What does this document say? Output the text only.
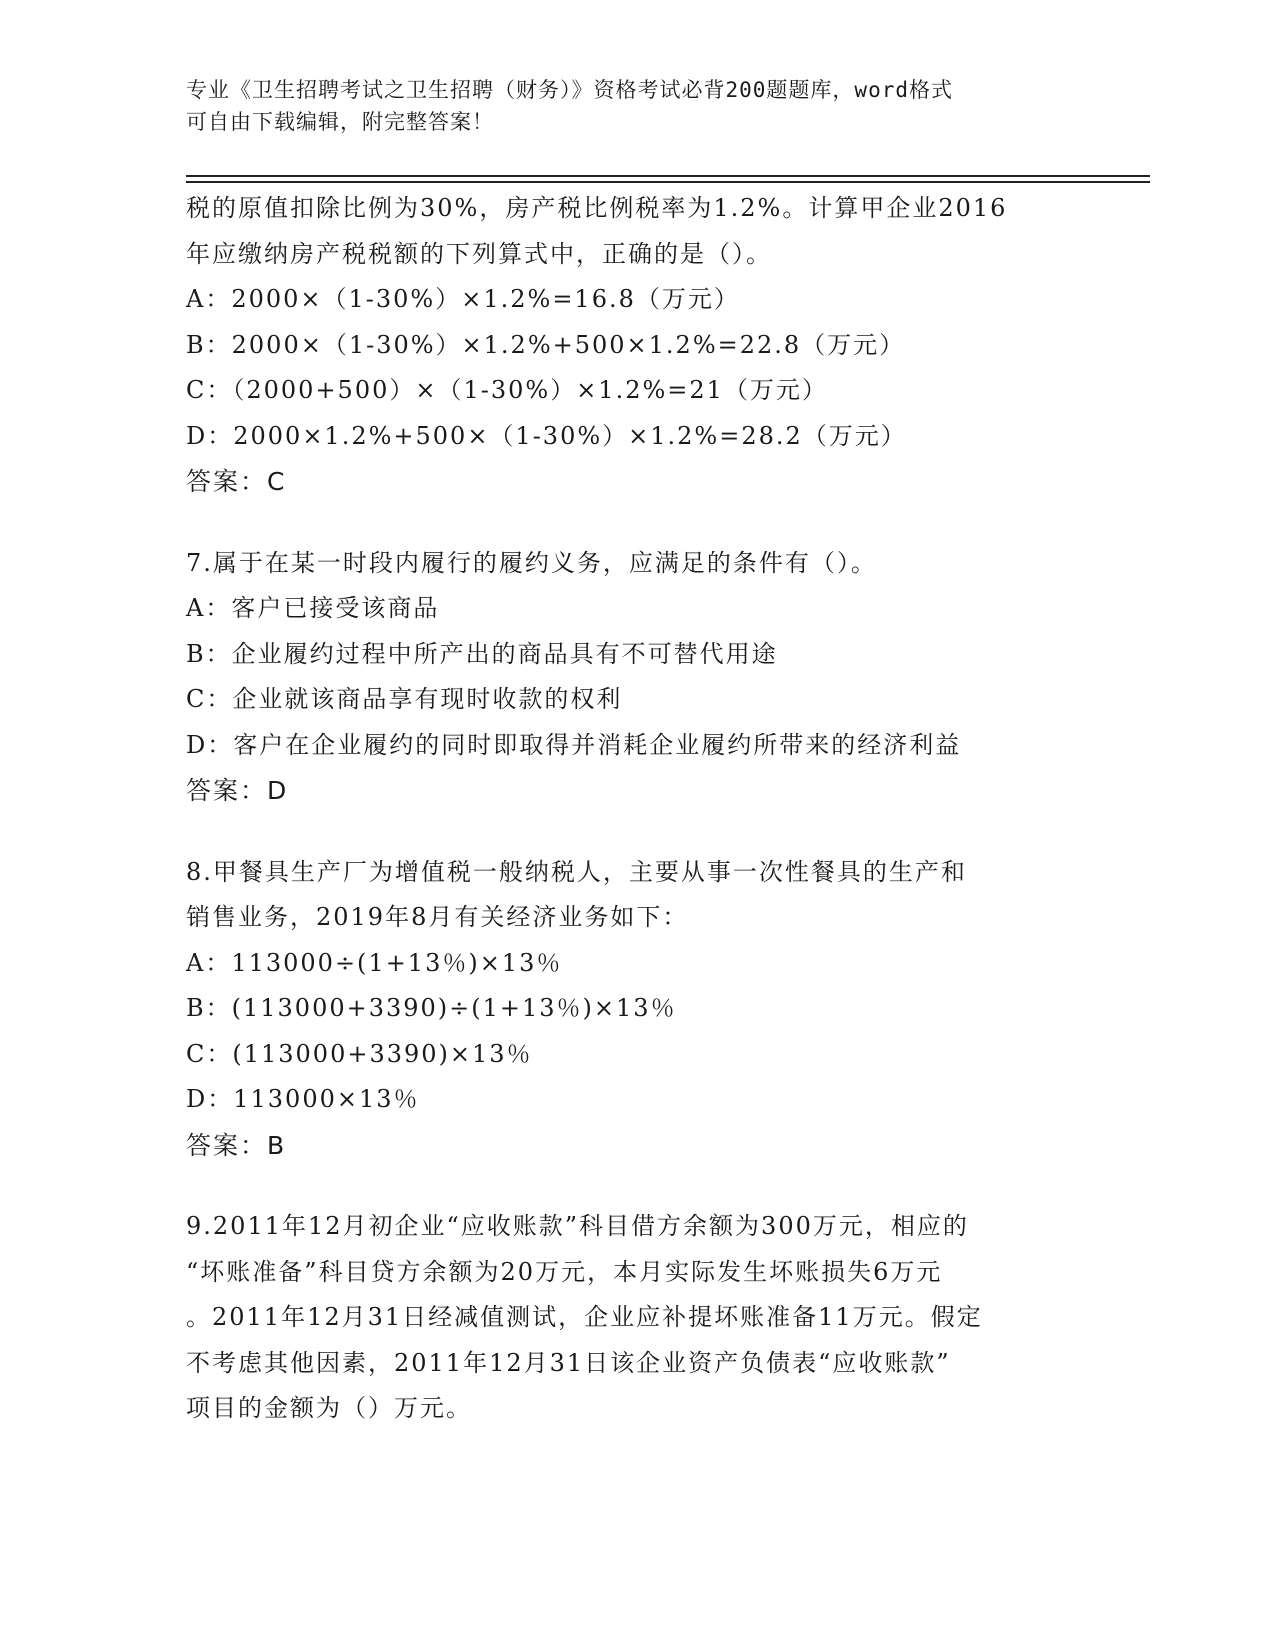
专业《卫生招聘考试之卫生招聘（财务）》资格考试必背200题题库，word格式
可自由下载编辑，附完整答案！
税的原值扣除比例为30%，房产税比例税率为1.2%。计算甲企业2016
年应缴纳房产税税额的下列算式中，正确的是（）。
A：2000×（1-30%）×1.2%=16.8（万元）
B：2000×（1-30%）×1.2%+500×1.2%=22.8（万元）
C：（2000+500）×（1-30%）×1.2%=21（万元）
D：2000×1.2%+500×（1-30%）×1.2%=28.2（万元）
答案：C
7.属于在某一时段内履行的履约义务，应满足的条件有（）。
A：客户已接受该商品
B：企业履约过程中所产出的商品具有不可替代用途
C：企业就该商品享有现时收款的权利
D：客户在企业履约的同时即取得并消耗企业履约所带来的经济利益
答案：D
8.甲餐具生产厂为增值税一般纳税人，主要从事一次性餐具的生产和
销售业务，2019年8月有关经济业务如下：
A：113000÷(1+13％)×13％
B：(113000+3390)÷(1+13％)×13％
C：(113000+3390)×13％
D：113000×13％
答案：B
9.2011年12月初企业“应收账款”科目借方余额为300万元，相应的
“坏账准备”科目贷方余额为20万元，本月实际发生坏账损失6万元
。2011年12月31日经减值测试，企业应补提坏账准备11万元。假定
不考虑其他因素，2011年12月31日该企业资产负债表“应收账款”
项目的金额为（）万元。
